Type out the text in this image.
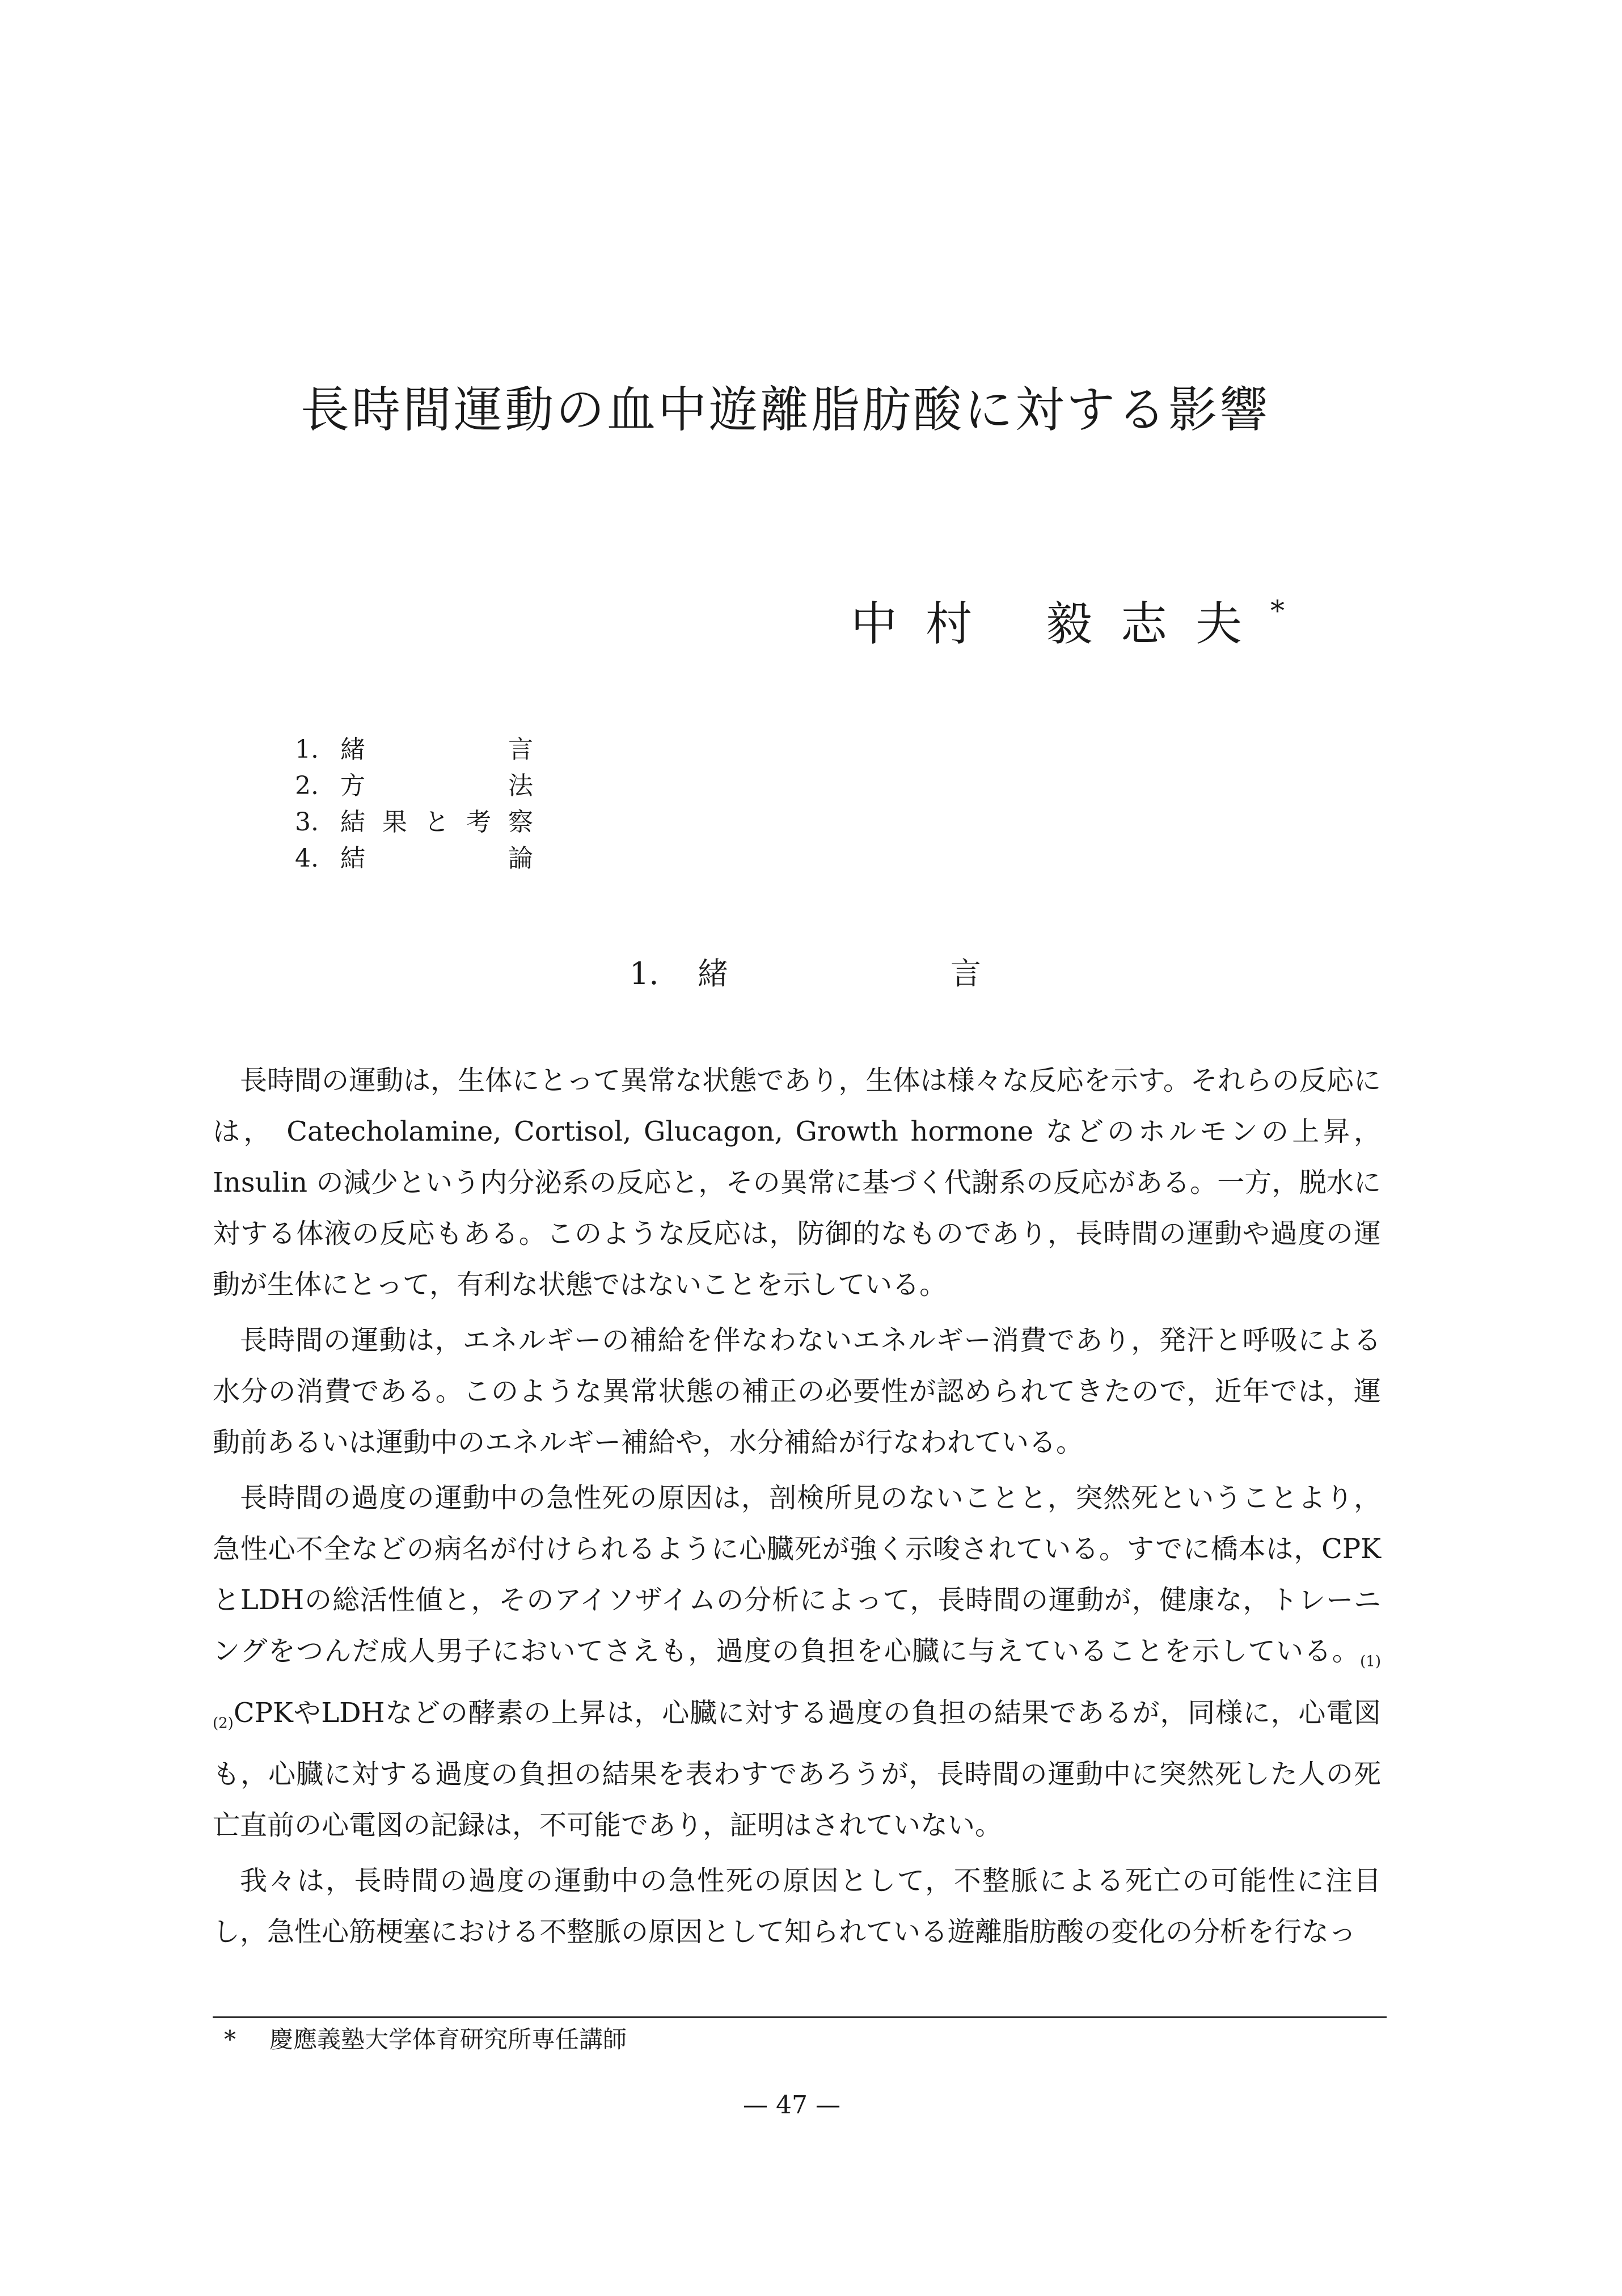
長時間運動の血中遊離脂肪酸に対する影響
中村 毅志夫*
1. 緒	言
2. 方	法
3. 結 果 と 考 察
4. 結	論
1.	緒	言

長時間の運動は，生体にとって異常な状態であり，生体は様々な反応を示す。それらの反応には， Catecholamine, Cortisol, Glucagon, Growth hormone などのホルモンの上昇， Insulin の減少という内分泌系の反応と，その異常に基づく代謝系の反応がある。一方，脱水に対する体液の反応もある。このような反応は，防御的なものであり，長時間の運動や過度の運動が生体にとって，有利な状態ではないことを示している。

長時間の運動は，エネルギーの補給を伴なわないエネルギー消費であり，発汗と呼吸による水分の消費である。このような異常状態の補正の必要性が認められてきたので，近年では，運動前あるいは運動中のエネルギー補給や，水分補給が行なわれている。

長時間の過度の運動中の急性死の原因は，剖検所見のないことと，突然死ということより，急性心不全などの病名が付けられるように心臓死が強く示唆されている。すでに橋本は，CPKとLDHの総活性値と，そのアイソザイムの分析によって，長時間の運動が，健康な，トレーニングをつんだ成人男子においてさえも，過度の負担を心臓に与えていることを示している。$_{(1)(2)}$CPKやLDHなどの酵素の上昇は，心臓に対する過度の負担の結果であるが，同様に，心電図も，心臓に対する過度の負担の結果を表わすであろうが，長時間の運動中に突然死した人の死亡直前の心電図の記録は，不可能であり，証明はされていない。

我々は，長時間の過度の運動中の急性死の原因として，不整脈による死亡の可能性に注目し，急性心筋梗塞における不整脈の原因として知られている遊離脂肪酸の変化の分析を行なっ

* 慶應義塾大学体育研究所専任講師
— 47 —
